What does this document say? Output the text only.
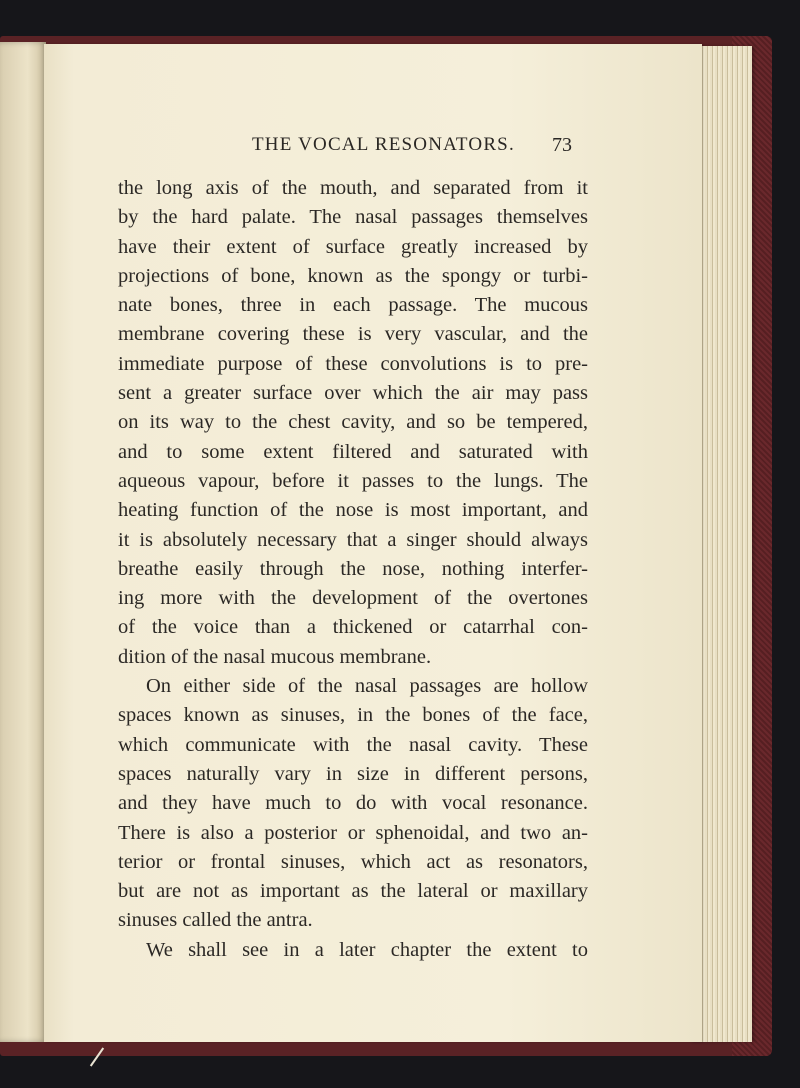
THE VOCAL RESONATORS. 73
the long axis of the mouth, and separated from it
by the hard palate. The nasal passages themselves
have their extent of surface greatly increased by
projections of bone, known as the spongy or turbi-
nate bones, three in each passage. The mucous
membrane covering these is very vascular, and the
immediate purpose of these convolutions is to pre-
sent a greater surface over which the air may pass
on its way to the chest cavity, and so be tempered,
and to some extent filtered and saturated with
aqueous vapour, before it passes to the lungs. The
heating function of the nose is most important, and
it is absolutely necessary that a singer should always
breathe easily through the nose, nothing interfer-
ing more with the development of the overtones
of the voice than a thickened or catarrhal con-
dition of the nasal mucous membrane.
On either side of the nasal passages are hollow
spaces known as sinuses, in the bones of the face,
which communicate with the nasal cavity. These
spaces naturally vary in size in different persons,
and they have much to do with vocal resonance.
There is also a posterior or sphenoidal, and two an-
terior or frontal sinuses, which act as resonators,
but are not as important as the lateral or maxillary
sinuses called the antra.
We shall see in a later chapter the extent to
